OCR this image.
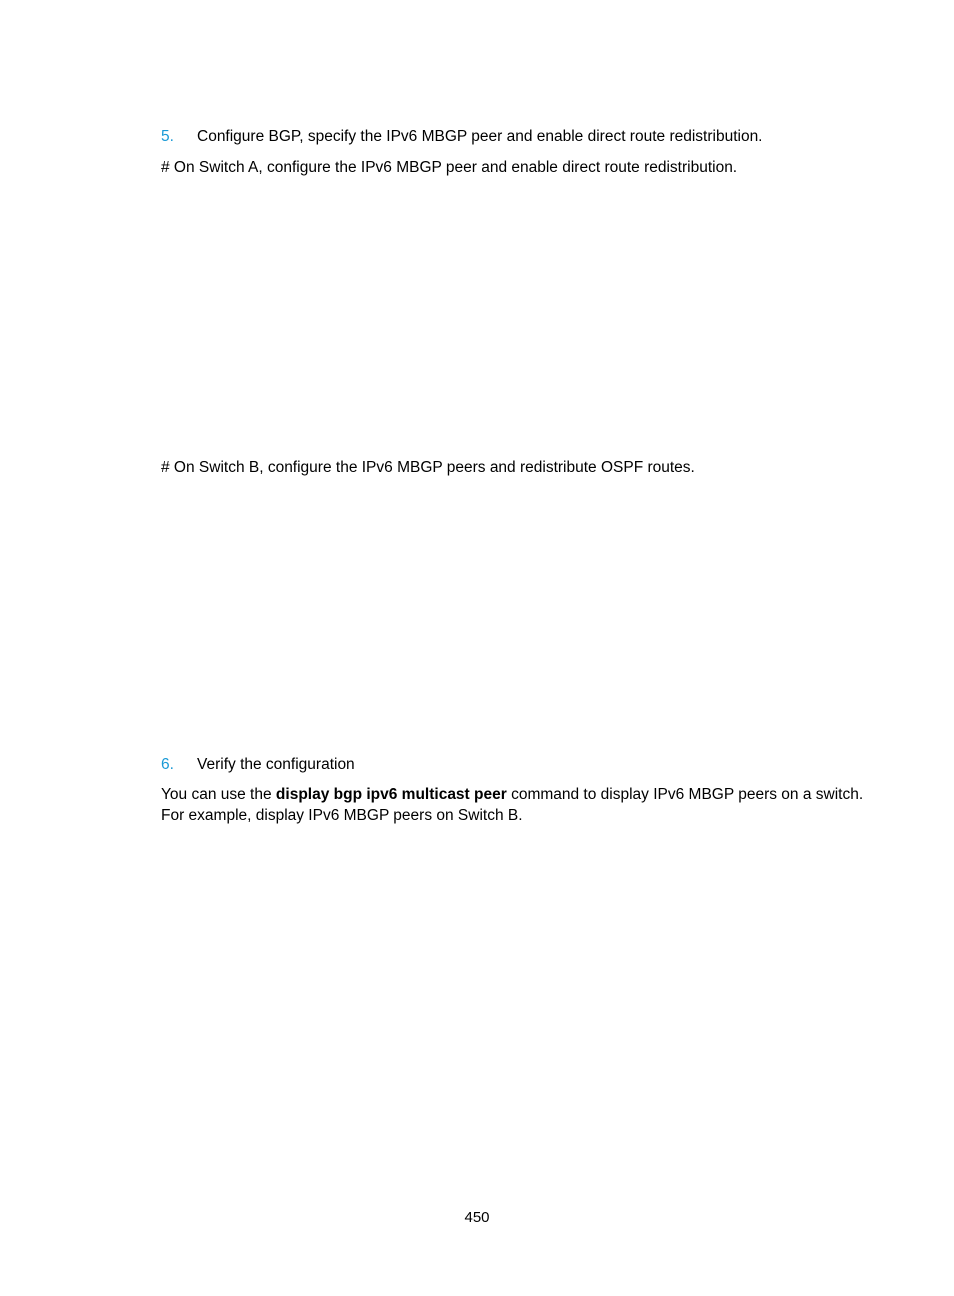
5. Configure BGP, specify the IPv6 MBGP peer and enable direct route redistribution.
# On Switch A, configure the IPv6 MBGP peer and enable direct route redistribution.
# On Switch B, configure the IPv6 MBGP peers and redistribute OSPF routes.
6. Verify the configuration
You can use the display bgp ipv6 multicast peer command to display IPv6 MBGP peers on a switch. For example, display IPv6 MBGP peers on Switch B.
450
